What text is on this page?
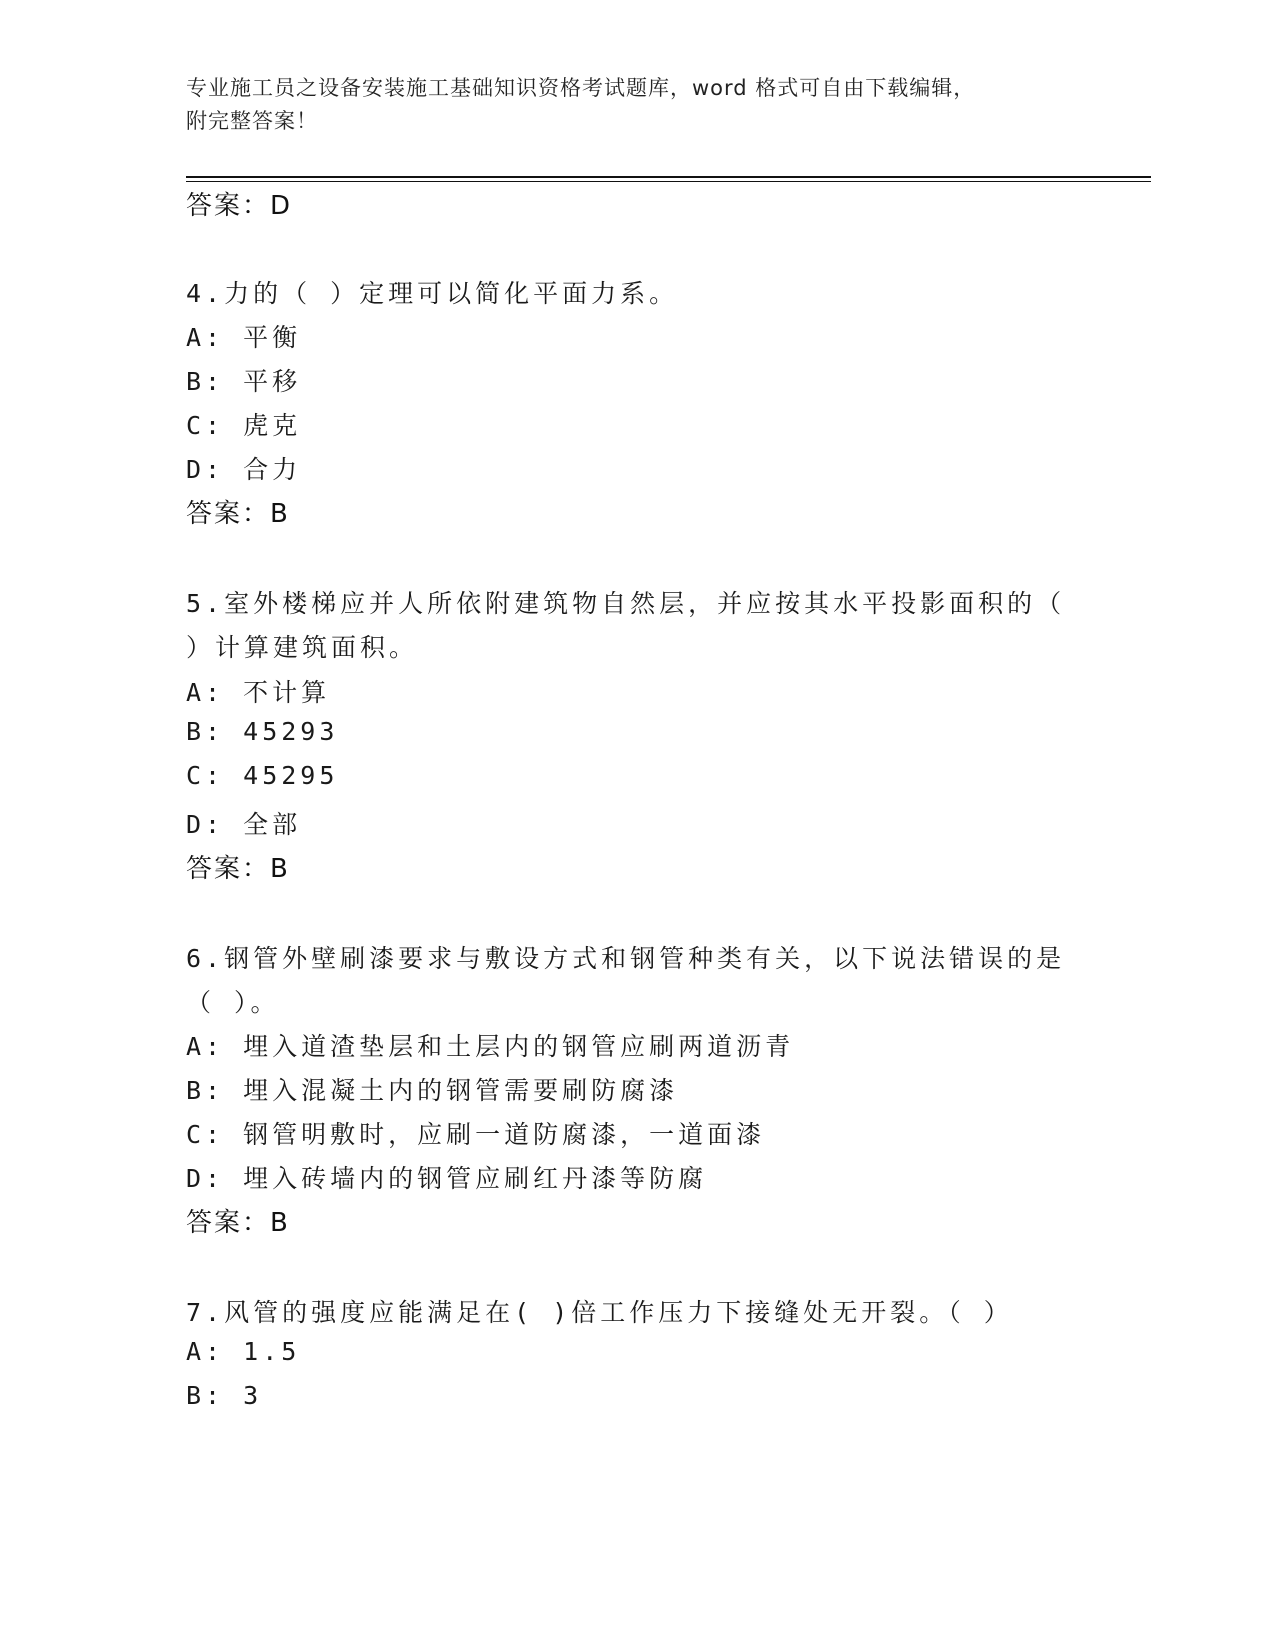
专业施工员之设备安装施工基础知识资格考试题库，word 格式可自由下载编辑，
附完整答案！
答案：D
4.力的（ ）定理可以简化平面力系。
A: 平衡
B: 平移
C: 虎克
D: 合力
答案：B
5.室外楼梯应并人所依附建筑物自然层，并应按其水平投影面积的（
）计算建筑面积。
A: 不计算
B: 45293
C: 45295
D: 全部
答案：B
6.钢管外壁刷漆要求与敷设方式和钢管种类有关，以下说法错误的是
（ ）。
A: 埋入道渣垫层和土层内的钢管应刷两道沥青
B: 埋入混凝土内的钢管需要刷防腐漆
C: 钢管明敷时，应刷一道防腐漆，一道面漆
D: 埋入砖墙内的钢管应刷红丹漆等防腐
答案：B
7.风管的强度应能满足在( )倍工作压力下接缝处无开裂。（ ）
A: 1.5
B: 3
